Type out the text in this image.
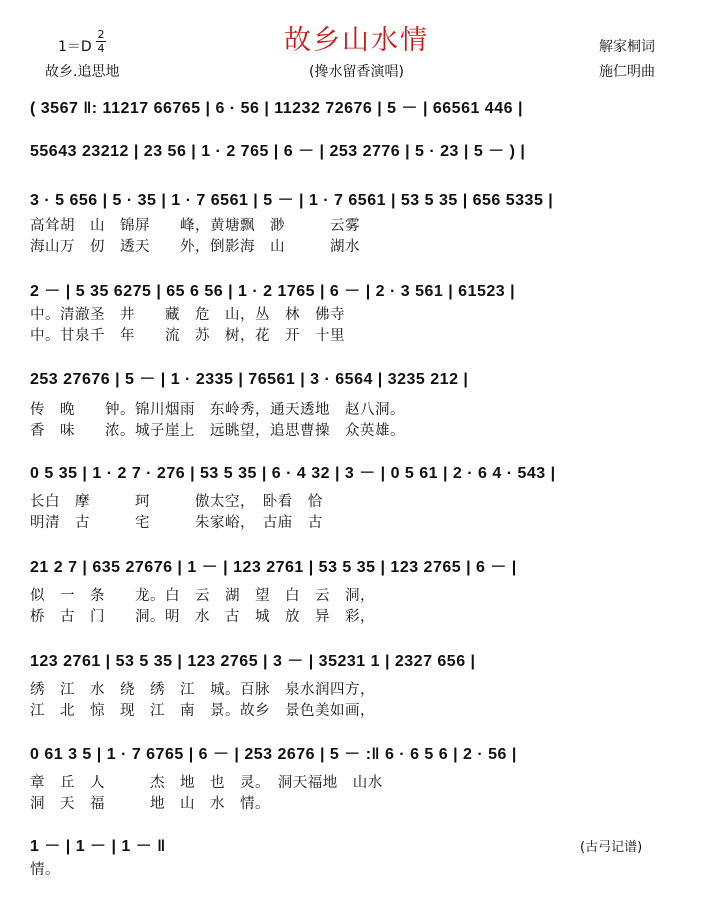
故乡山水情
1＝D
2
4	解家桐词
故乡.追思地	(搀水留香演唱)	施仁明曲
( 3567 ‖: 11217 66765 | 6 · 56 | 11232 72676 | 5 － | 66561 446 |
55643 23212 | 23 56 | 1 · 2 765 | 6 － | 253 2776 | 5 · 23 | 5 － ) |
3 · 5 656 | 5 · 35 | 1 · 7 6561 | 5 － | 1 · 7 6561 | 53 5 35 | 656 5335 |
高耸胡　山　锦屏　　峰，黄塘飘　渺　　　云雾
海山万　仞　透天　　外，倒影海　山　　　湖水
2 － | 5 35 6275 | 65 6 56 | 1 · 2 1765 | 6 － | 2 · 3 561 | 61523 |
中。清澈圣　井　　藏　危　山，丛　林　佛寺
中。甘泉千　年　　流　苏　树，花　开　十里
253 27676 | 5 － | 1 · 2335 | 76561 | 3 · 6564 | 3235 212 |
传　晚　　钟。锦川烟雨　东岭秀，通天透地　赵八洞。
香　味　　浓。城子崖上　远眺望，追思曹操　众英雄。
0 5 35 | 1 · 2 7 · 276 | 53 5 35 | 6 · 4 32 | 3 － | 0 5 61 | 2 · 6 4 · 543 |
长白　摩　　　珂　　　傲太空，　卧看　恰
明清　古　　　宅　　　朱家峪，　古庙　古
21 2 7 | 635 27676 | 1 － | 123 2761 | 53 5 35 | 123 2765 | 6 － |
似　一　条　　龙。白　云　湖　望　白　云　洞，
桥　古　门　　洞。明　水　古　城　放　异　彩，
123 2761 | 53 5 35 | 123 2765 | 3 － | 35231 1 | 2327 656 |
绣　江　水　绕　绣　江　城。百脉　泉水润四方，
江　北　惊　现　江　南　景。故乡　景色美如画，
0 61 3 5 | 1 · 7 6765 | 6 － | 253 2676 | 5 － :‖ 6 · 6 5 6 | 2 · 56 |
章　丘　人　　　杰　地　也　灵。　洞天福地　山水
洞　天　福　　　地　山　水　情。
1 － | 1 － | 1 － ‖
情。
(古弓记谱)
